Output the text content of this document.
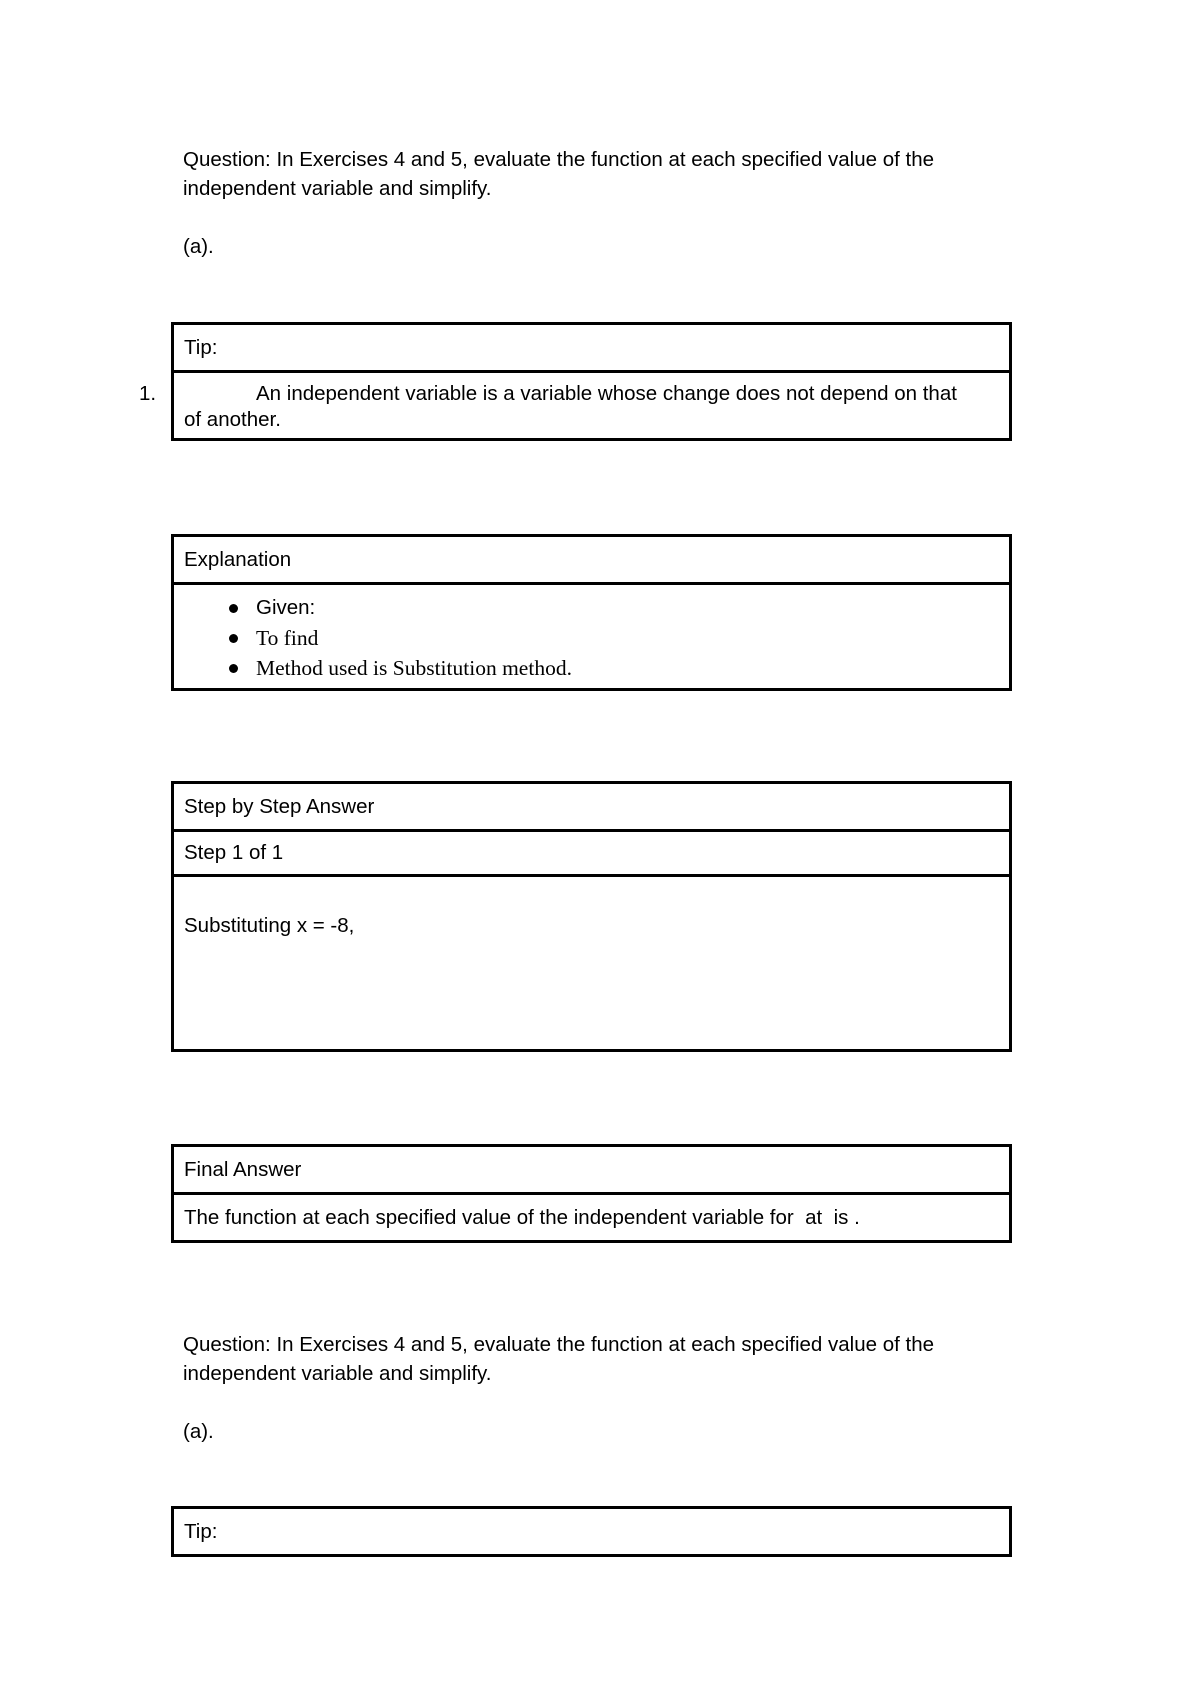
Question: In Exercises 4 and 5, evaluate the function at each specified value of the
independent variable and simplify.

(a).

Tip:
1.	An independent variable is a variable whose change does not depend on that of another.
Explanation
Given:
To find
Method used is Substitution method.
Step by Step Answer
Step 1 of 1
Substituting x = -8,
Final Answer
The function at each specified value of the independent variable for  at  is .

Question: In Exercises 4 and 5, evaluate the function at each specified value of the
independent variable and simplify.

(a).

Tip:
